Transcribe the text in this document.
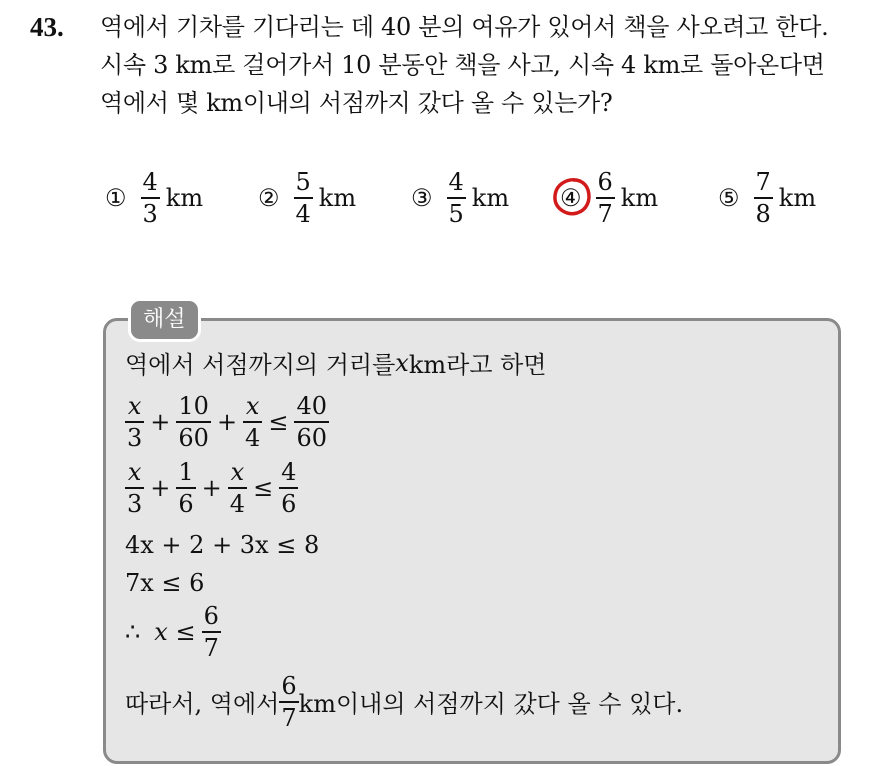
43. 역에서 기차를 기다리는 데 40 분의 여유가 있어서 책을 사오려고 한다.
시속 3 km로 걸어가서 10 분동안 책을 사고, 시속 4 km로 돌아온다면
역에서 몇 km이내의 서점까지 갔다 올 수 있는가?
① $\frac{4}{3}$ km ② $\frac{5}{4}$ km ③ $\frac{4}{5}$ km ④ $\frac{6}{7}$ km ⑤ $\frac{7}{8}$ km
해설
역에서 서점까지의 거리를 x km라고 하면
$\frac{x}{3} + \frac{10}{60} + \frac{x}{4} \le \frac{40}{60}$
$\frac{x}{3} + \frac{1}{6} + \frac{x}{4} \le \frac{4}{6}$
4x + 2 + 3x ≤ 8
7x ≤ 6
∴ $x \le \frac{6}{7}$
따라서, 역에서 $\frac{6}{7}$ km이내의 서점까지 갔다 올 수 있다.
